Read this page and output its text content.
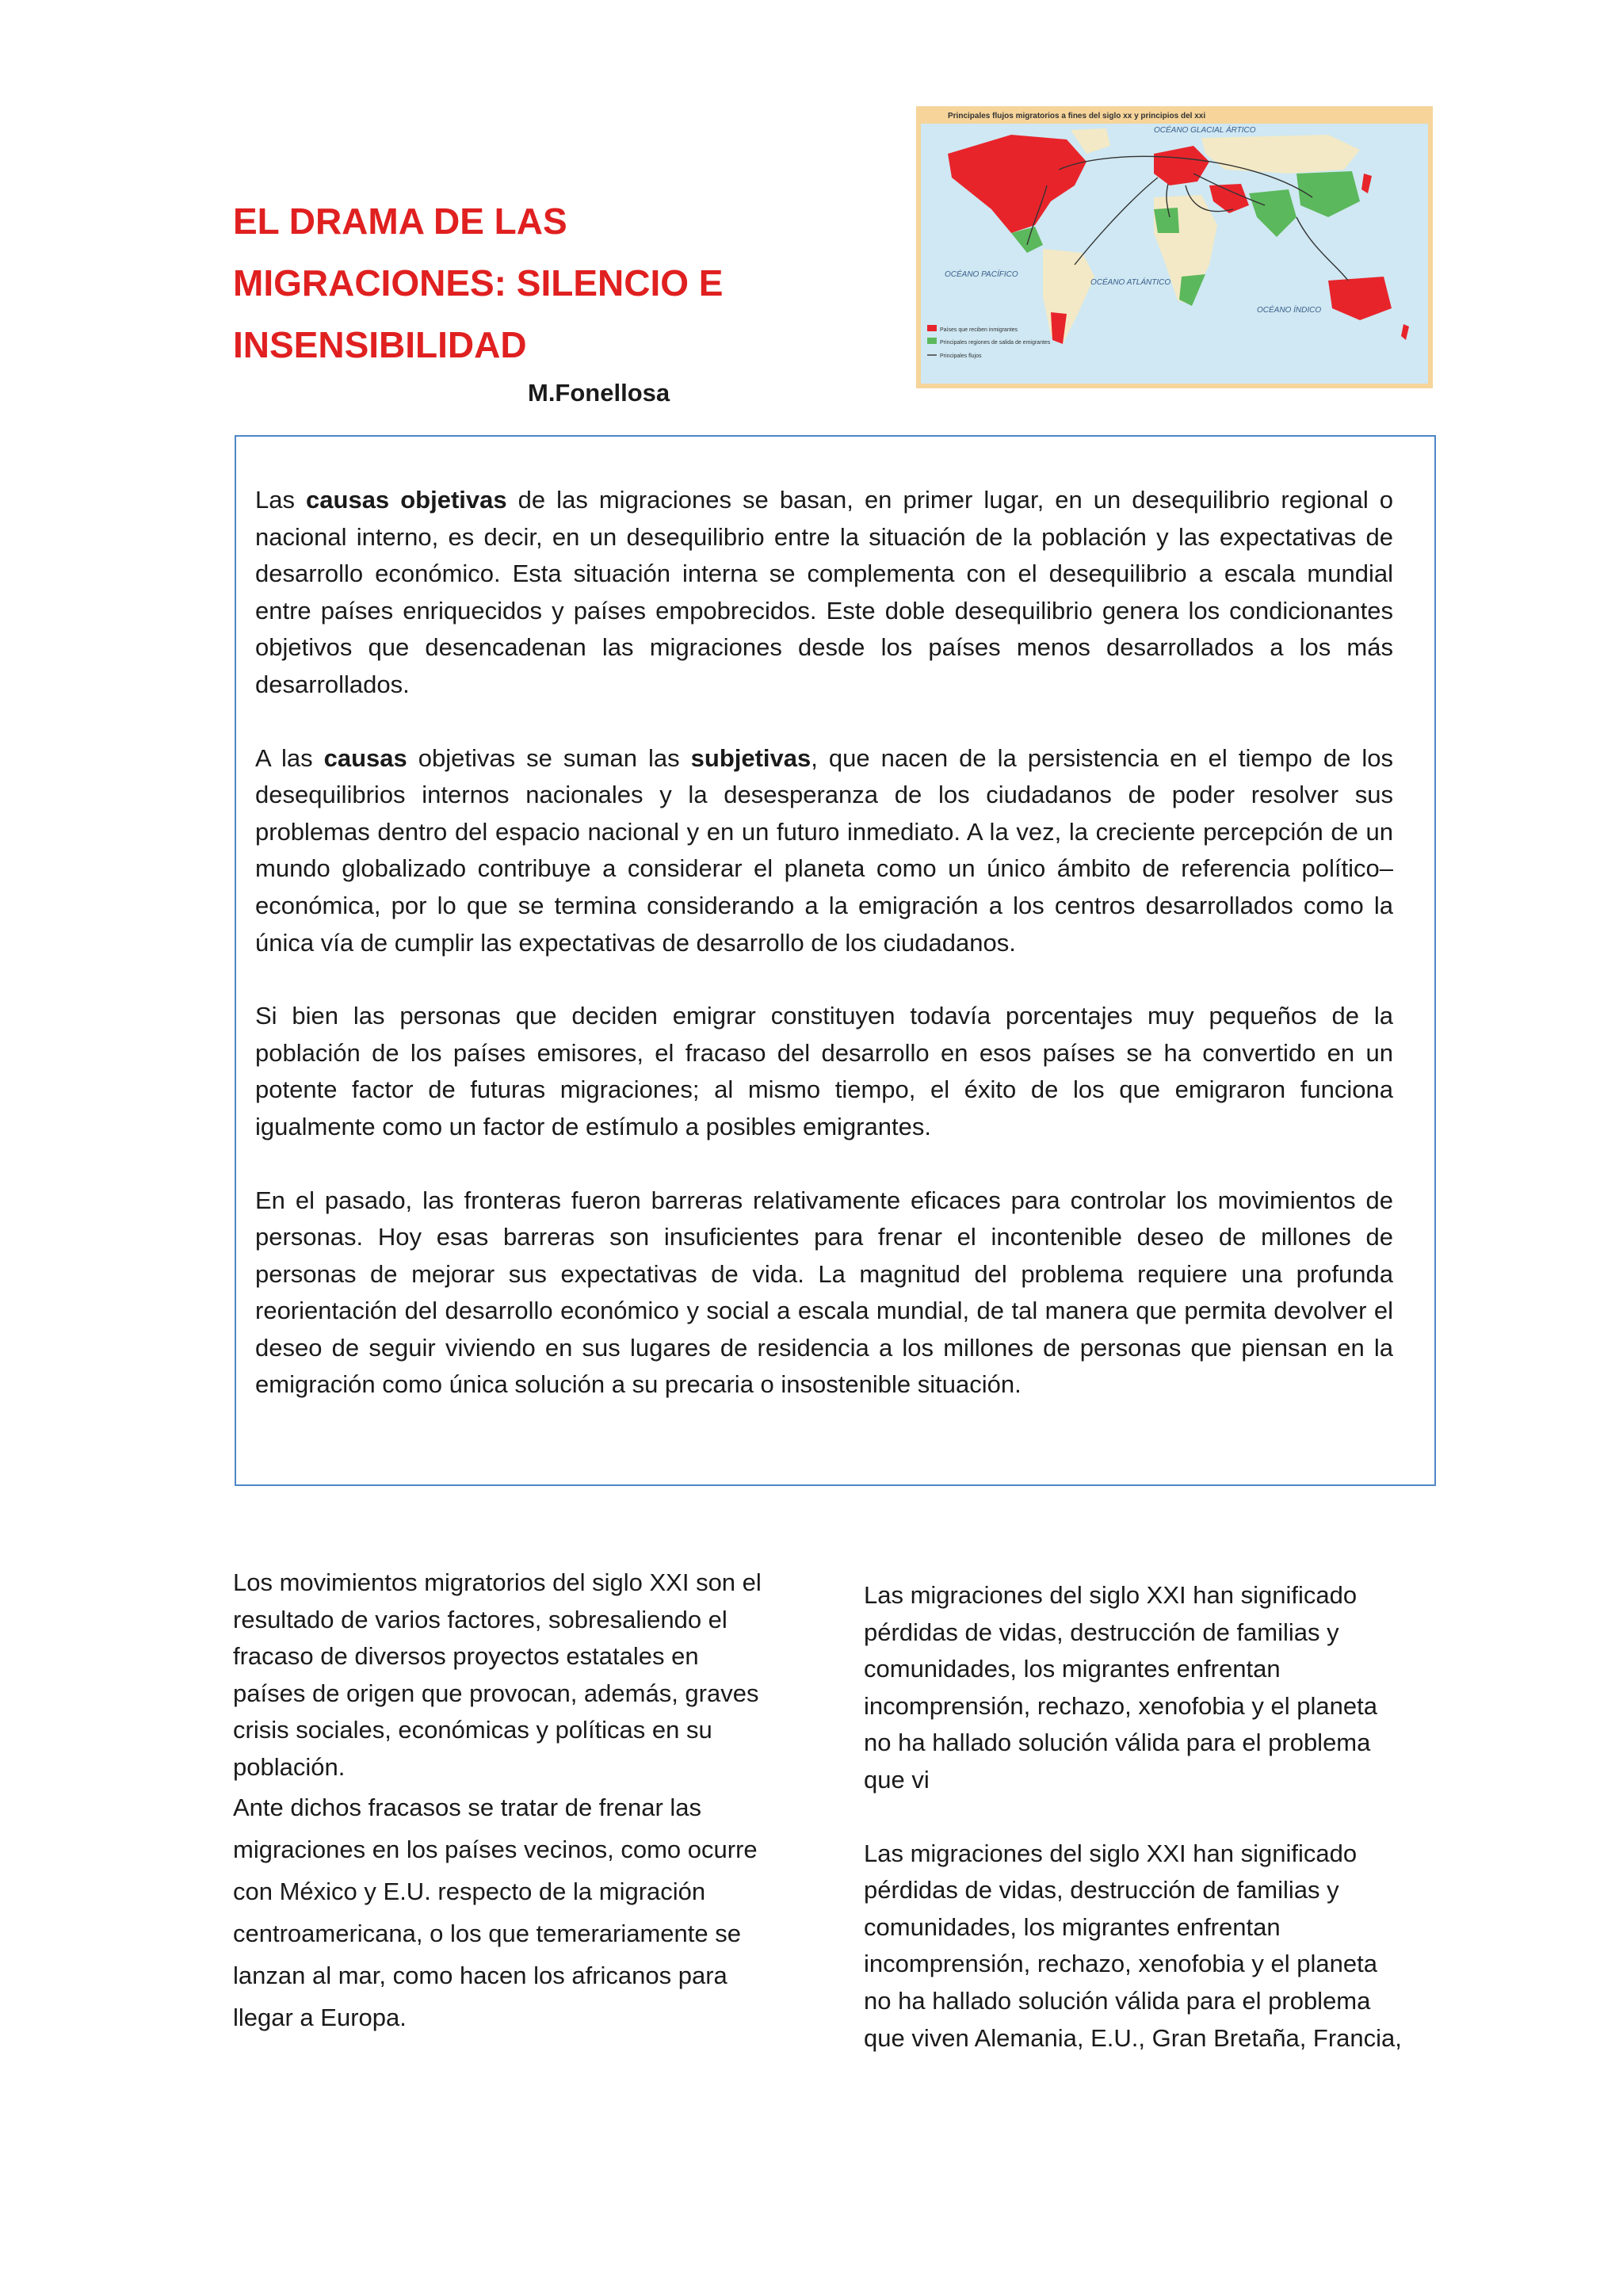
EL DRAMA DE LAS
MIGRACIONES: SILENCIO E
INSENSIBILIDAD
M.Fonellosa
Principales flujos migratorios a fines del siglo xx y principios del xxi
OCÉANO GLACIAL ÁRTICO
OCÉANO PACÍFICO
OCÉANO ATLÁNTICO
OCÉANO ÍNDICO
Países que reciben inmigrantes
Principales regiones de salida de emigrantes
Principales flujos

Las causas objetivas de las migraciones se basan, en primer lugar, en un desequilibrio regional o nacional interno, es decir, en un desequilibrio entre la situación de la población y las expectativas de desarrollo económico. Esta situación interna se complementa con el desequilibrio a escala mundial entre países enriquecidos y países empobrecidos. Este doble desequilibrio genera los condicionantes objetivos que desencadenan las migraciones desde los países menos desarrollados a los más desarrollados.

A las causas objetivas se suman las subjetivas, que nacen de la persistencia en el tiempo de los desequilibrios internos nacionales y la desesperanza de los ciudadanos de poder resolver sus problemas dentro del espacio nacional y en un futuro inmediato. A la vez, la creciente percepción de un mundo globalizado contribuye a considerar el planeta como un único ámbito de referencia político–económica, por lo que se termina considerando a la emigración a los centros desarrollados como la única vía de cumplir las expectativas de desarrollo de los ciudadanos.

Si bien las personas que deciden emigrar constituyen todavía porcentajes muy pequeños de la población de los países emisores, el fracaso del desarrollo en esos países se ha convertido en un potente factor de futuras migraciones; al mismo tiempo, el éxito de los que emigraron funciona igualmente como un factor de estímulo a posibles emigrantes.

En el pasado, las fronteras fueron barreras relativamente eficaces para controlar los movimientos de personas. Hoy esas barreras son insuficientes para frenar el incontenible deseo de millones de personas de mejorar sus expectativas de vida. La magnitud del problema requiere una profunda reorientación del desarrollo económico y social a escala mundial, de tal manera que permita devolver el deseo de seguir viviendo en sus lugares de residencia a los millones de personas que piensan en la emigración como única solución a su precaria o insostenible situación.

Los movimientos migratorios del siglo XXI son el resultado de varios factores, sobresaliendo el fracaso de diversos proyectos estatales en países de origen que provocan, además, graves crisis sociales, económicas y políticas en su población.

Ante dichos fracasos se tratar de frenar las migraciones en los países vecinos, como ocurre con México y E.U. respecto de la migración centroamericana, o los que temerariamente se lanzan al mar, como hacen los africanos para llegar a Europa.

Las migraciones del siglo XXI han significado pérdidas de vidas, destrucción de familias y comunidades, los migrantes enfrentan incomprensión, rechazo, xenofobia y el planeta no ha hallado solución válida para el problema que vi

Las migraciones del siglo XXI han significado pérdidas de vidas, destrucción de familias y comunidades, los migrantes enfrentan incomprensión, rechazo, xenofobia y el planeta no ha hallado solución válida para el problema que viven Alemania, E.U., Gran Bretaña, Francia,
